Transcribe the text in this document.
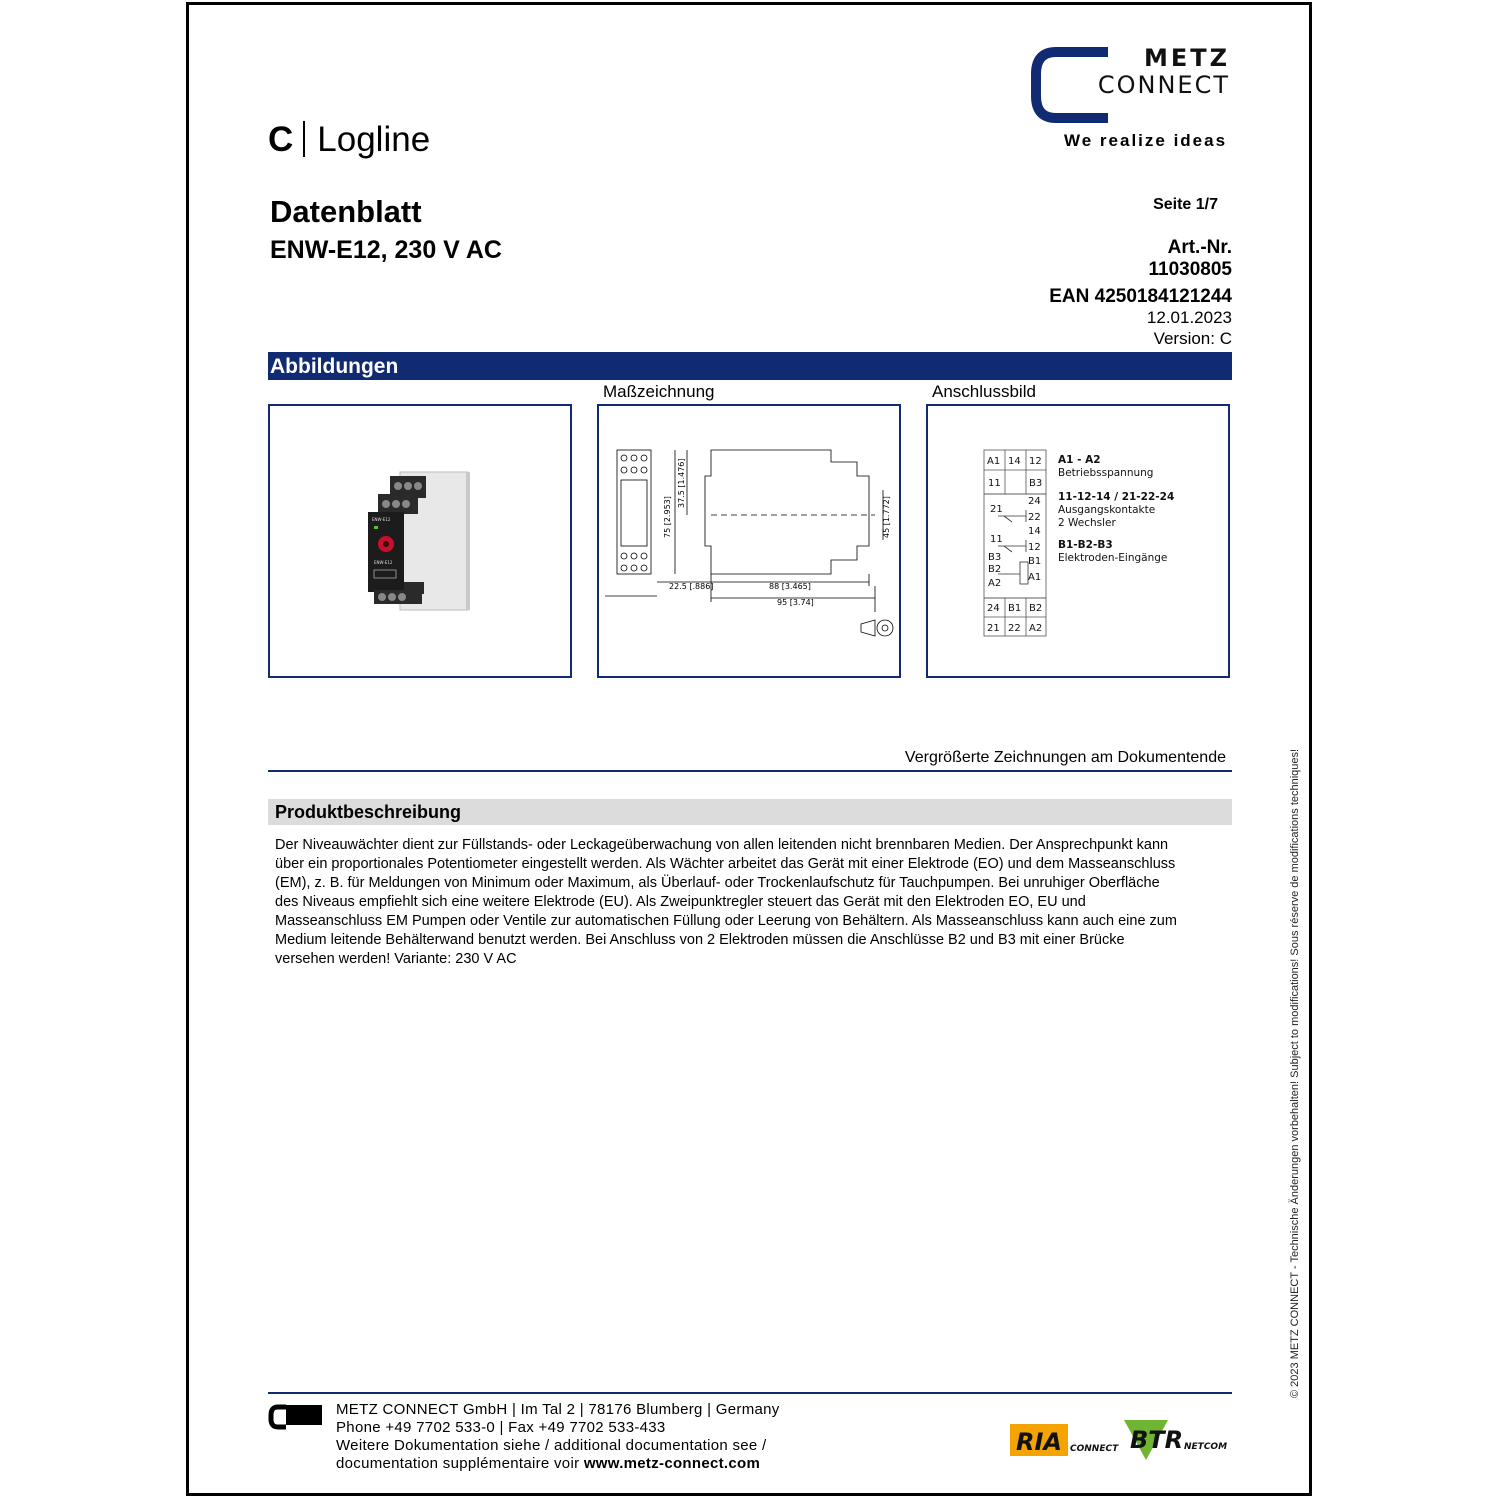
METZ
CONNECT
We realize ideas
C Logline
Datenblatt
ENW-E12, 230 V AC
Seite 1/7
Art.-Nr.
11030805
EAN 4250184121244
12.01.2023
Version: C
Abbildungen
Maßzeichnung	Anschlussbild
ENW-E12
ENW-E12
75 [2.953]
37.5 [1.476]
45 [1.772]
22.5 [.886]	88 [3.465]
95 [3.74]
A1 14 12
11	B3
24
21
22
14
11
12
B3	B1
B2
A1
A2
24 B1 B2
21 22 A2
A1 - A2
Betriebsspannung
11-12-14 / 21-22-24
Ausgangskontakte
2 Wechsler
B1-B2-B3
Elektroden-Eingänge
Vergrößerte Zeichnungen am Dokumentende
Produktbeschreibung
Der Niveauwächter dient zur Füllstands- oder Leckageüberwachung von allen leitenden nicht brennbaren Medien. Der Ansprechpunkt kann
über ein proportionales Potentiometer eingestellt werden. Als Wächter arbeitet das Gerät mit einer Elektrode (EO) und dem Masseanschluss
(EM), z. B. für Meldungen von Minimum oder Maximum, als Überlauf- oder Trockenlaufschutz für Tauchpumpen. Bei unruhiger Oberfläche
des Niveaus empfiehlt sich eine weitere Elektrode (EU). Als Zweipunktregler steuert das Gerät mit den Elektroden EO, EU und
Masseanschluss EM Pumpen oder Ventile zur automatischen Füllung oder Leerung von Behältern. Als Masseanschluss kann auch eine zum
Medium leitende Behälterwand benutzt werden. Bei Anschluss von 2 Elektroden müssen die Anschlüsse B2 und B3 mit einer Brücke
versehen werden! Variante: 230 V AC
METZ CONNECT GmbH | Im Tal 2 | 78176 Blumberg | Germany
Phone +49 7702 533-0 | Fax +49 7702 533-433
Weitere Dokumentation siehe / additional documentation see /
documentation supplémentaire voir www.metz-connect.com
RIA CONNECT BTR NETCOM
© 2023 METZ CONNECT - Technische Änderungen vorbehalten! Subject to modifications! Sous réserve de modifications techniques!
